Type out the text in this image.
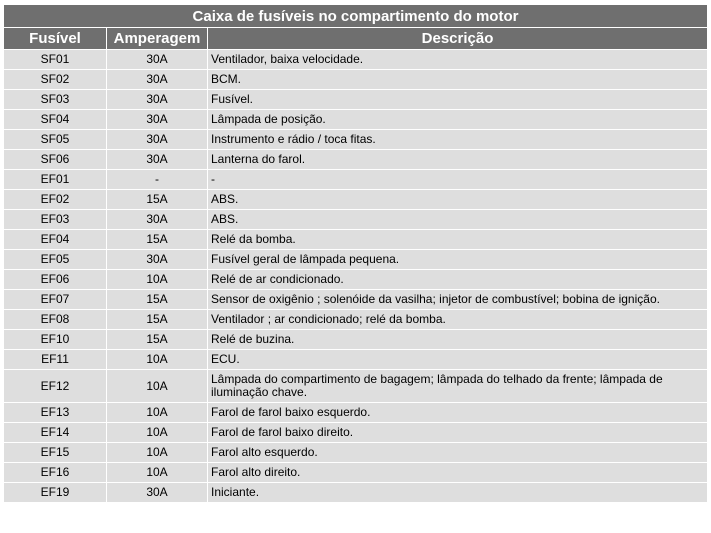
Caixa de fusíveis no compartimento do motor		
Fusível	Amperagem	Descrição
SF01	30A	Ventilador, baixa velocidade.
SF02	30A	BCM.
SF03	30A	Fusível.
SF04	30A	Lâmpada de posição.
SF05	30A	Instrumento e rádio / toca fitas.
SF06	30A	Lanterna do farol.
EF01	-	-
EF02	15A	ABS.
EF03	30A	ABS.
EF04	15A	Relé da bomba.
EF05	30A	Fusível geral de lâmpada pequena.
EF06	10A	Relé de ar condicionado.
EF07	15A	Sensor de oxigênio ; solenóide da vasilha; injetor de combustível; bobina de ignição.
EF08	15A	Ventilador ; ar condicionado; relé da bomba.
EF10	15A	Relé de buzina.
EF11	10A	ECU.
EF12	10A	Lâmpada do compartimento de bagagem; lâmpada do telhado da frente; lâmpada de iluminação chave.
EF13	10A	Farol de farol baixo esquerdo.
EF14	10A	Farol de farol baixo direito.
EF15	10A	Farol alto esquerdo.
EF16	10A	Farol alto direito.
EF19	30A	Iniciante.
